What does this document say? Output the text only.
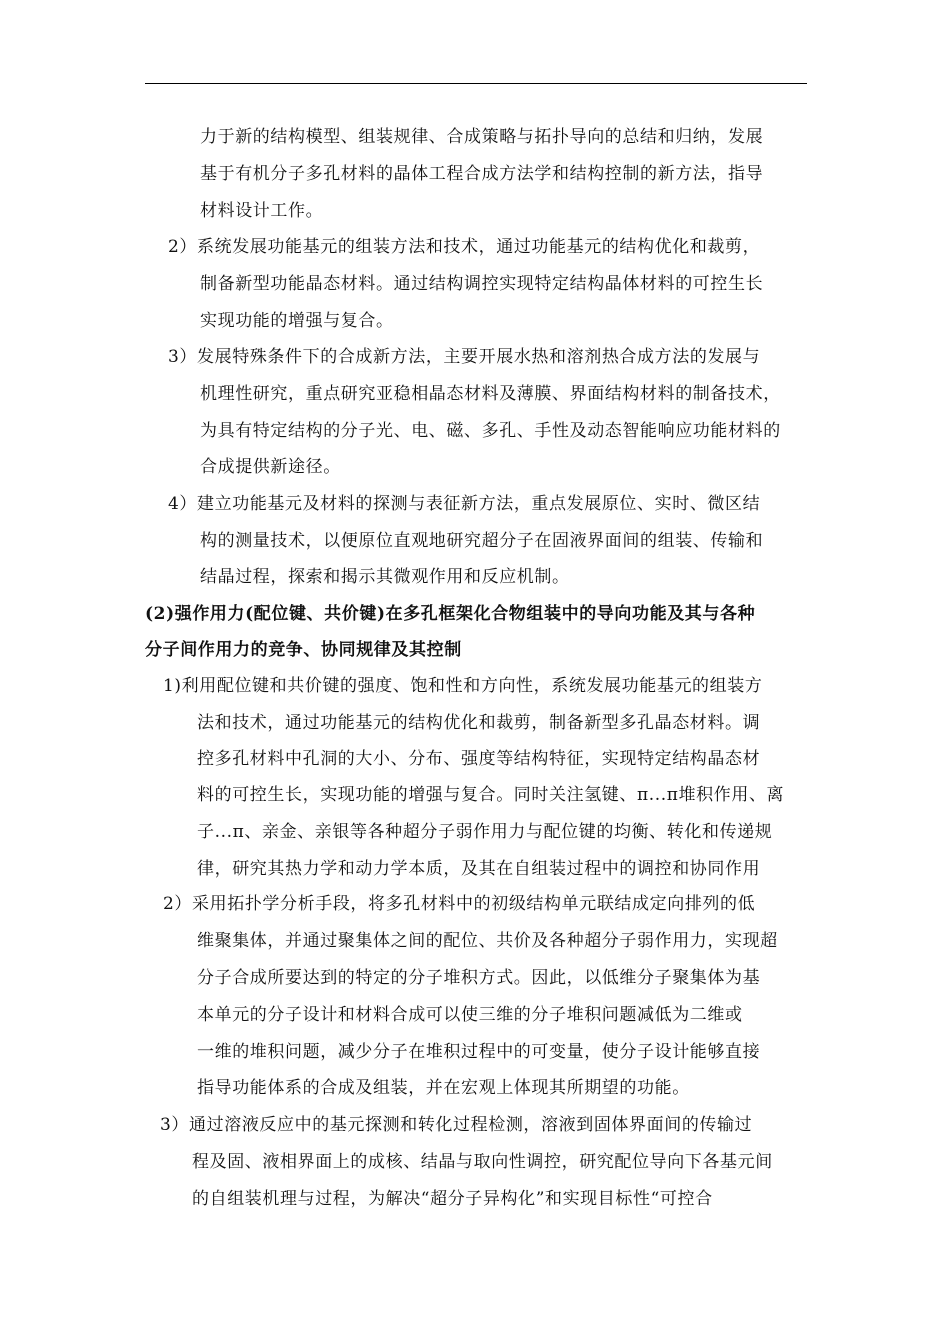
力于新的结构模型、组装规律、合成策略与拓扑导向的总结和归纳，发展
基于有机分子多孔材料的晶体工程合成方法学和结构控制的新方法，指导
材料设计工作。
2）系统发展功能基元的组装方法和技术，通过功能基元的结构优化和裁剪，
制备新型功能晶态材料。通过结构调控实现特定结构晶体材料的可控生长
实现功能的增强与复合。
3）发展特殊条件下的合成新方法，主要开展水热和溶剂热合成方法的发展与
机理性研究，重点研究亚稳相晶态材料及薄膜、界面结构材料的制备技术，
为具有特定结构的分子光、电、磁、多孔、手性及动态智能响应功能材料的
合成提供新途径。
4）建立功能基元及材料的探测与表征新方法，重点发展原位、实时、微区结
构的测量技术，以便原位直观地研究超分子在固液界面间的组装、传输和
结晶过程，探索和揭示其微观作用和反应机制。
(2)强作用力(配位键、共价键)在多孔框架化合物组装中的导向功能及其与各种
分子间作用力的竞争、协同规律及其控制
1)利用配位键和共价键的强度、饱和性和方向性，系统发展功能基元的组装方
法和技术，通过功能基元的结构优化和裁剪，制备新型多孔晶态材料。调
控多孔材料中孔洞的大小、分布、强度等结构特征，实现特定结构晶态材
料的可控生长，实现功能的增强与复合。同时关注氢键、π...π堆积作用、离
子...π、亲金、亲银等各种超分子弱作用力与配位键的均衡、转化和传递规
律，研究其热力学和动力学本质，及其在自组装过程中的调控和协同作用
2）采用拓扑学分析手段，将多孔材料中的初级结构单元联结成定向排列的低
维聚集体，并通过聚集体之间的配位、共价及各种超分子弱作用力，实现超
分子合成所要达到的特定的分子堆积方式。因此，以低维分子聚集体为基
本单元的分子设计和材料合成可以使三维的分子堆积问题减低为二维或
一维的堆积问题，减少分子在堆积过程中的可变量，使分子设计能够直接
指导功能体系的合成及组装，并在宏观上体现其所期望的功能。
3）通过溶液反应中的基元探测和转化过程检测，溶液到固体界面间的传输过
程及固、液相界面上的成核、结晶与取向性调控，研究配位导向下各基元间
的自组装机理与过程，为解决“超分子异构化”和实现目标性“可控合
